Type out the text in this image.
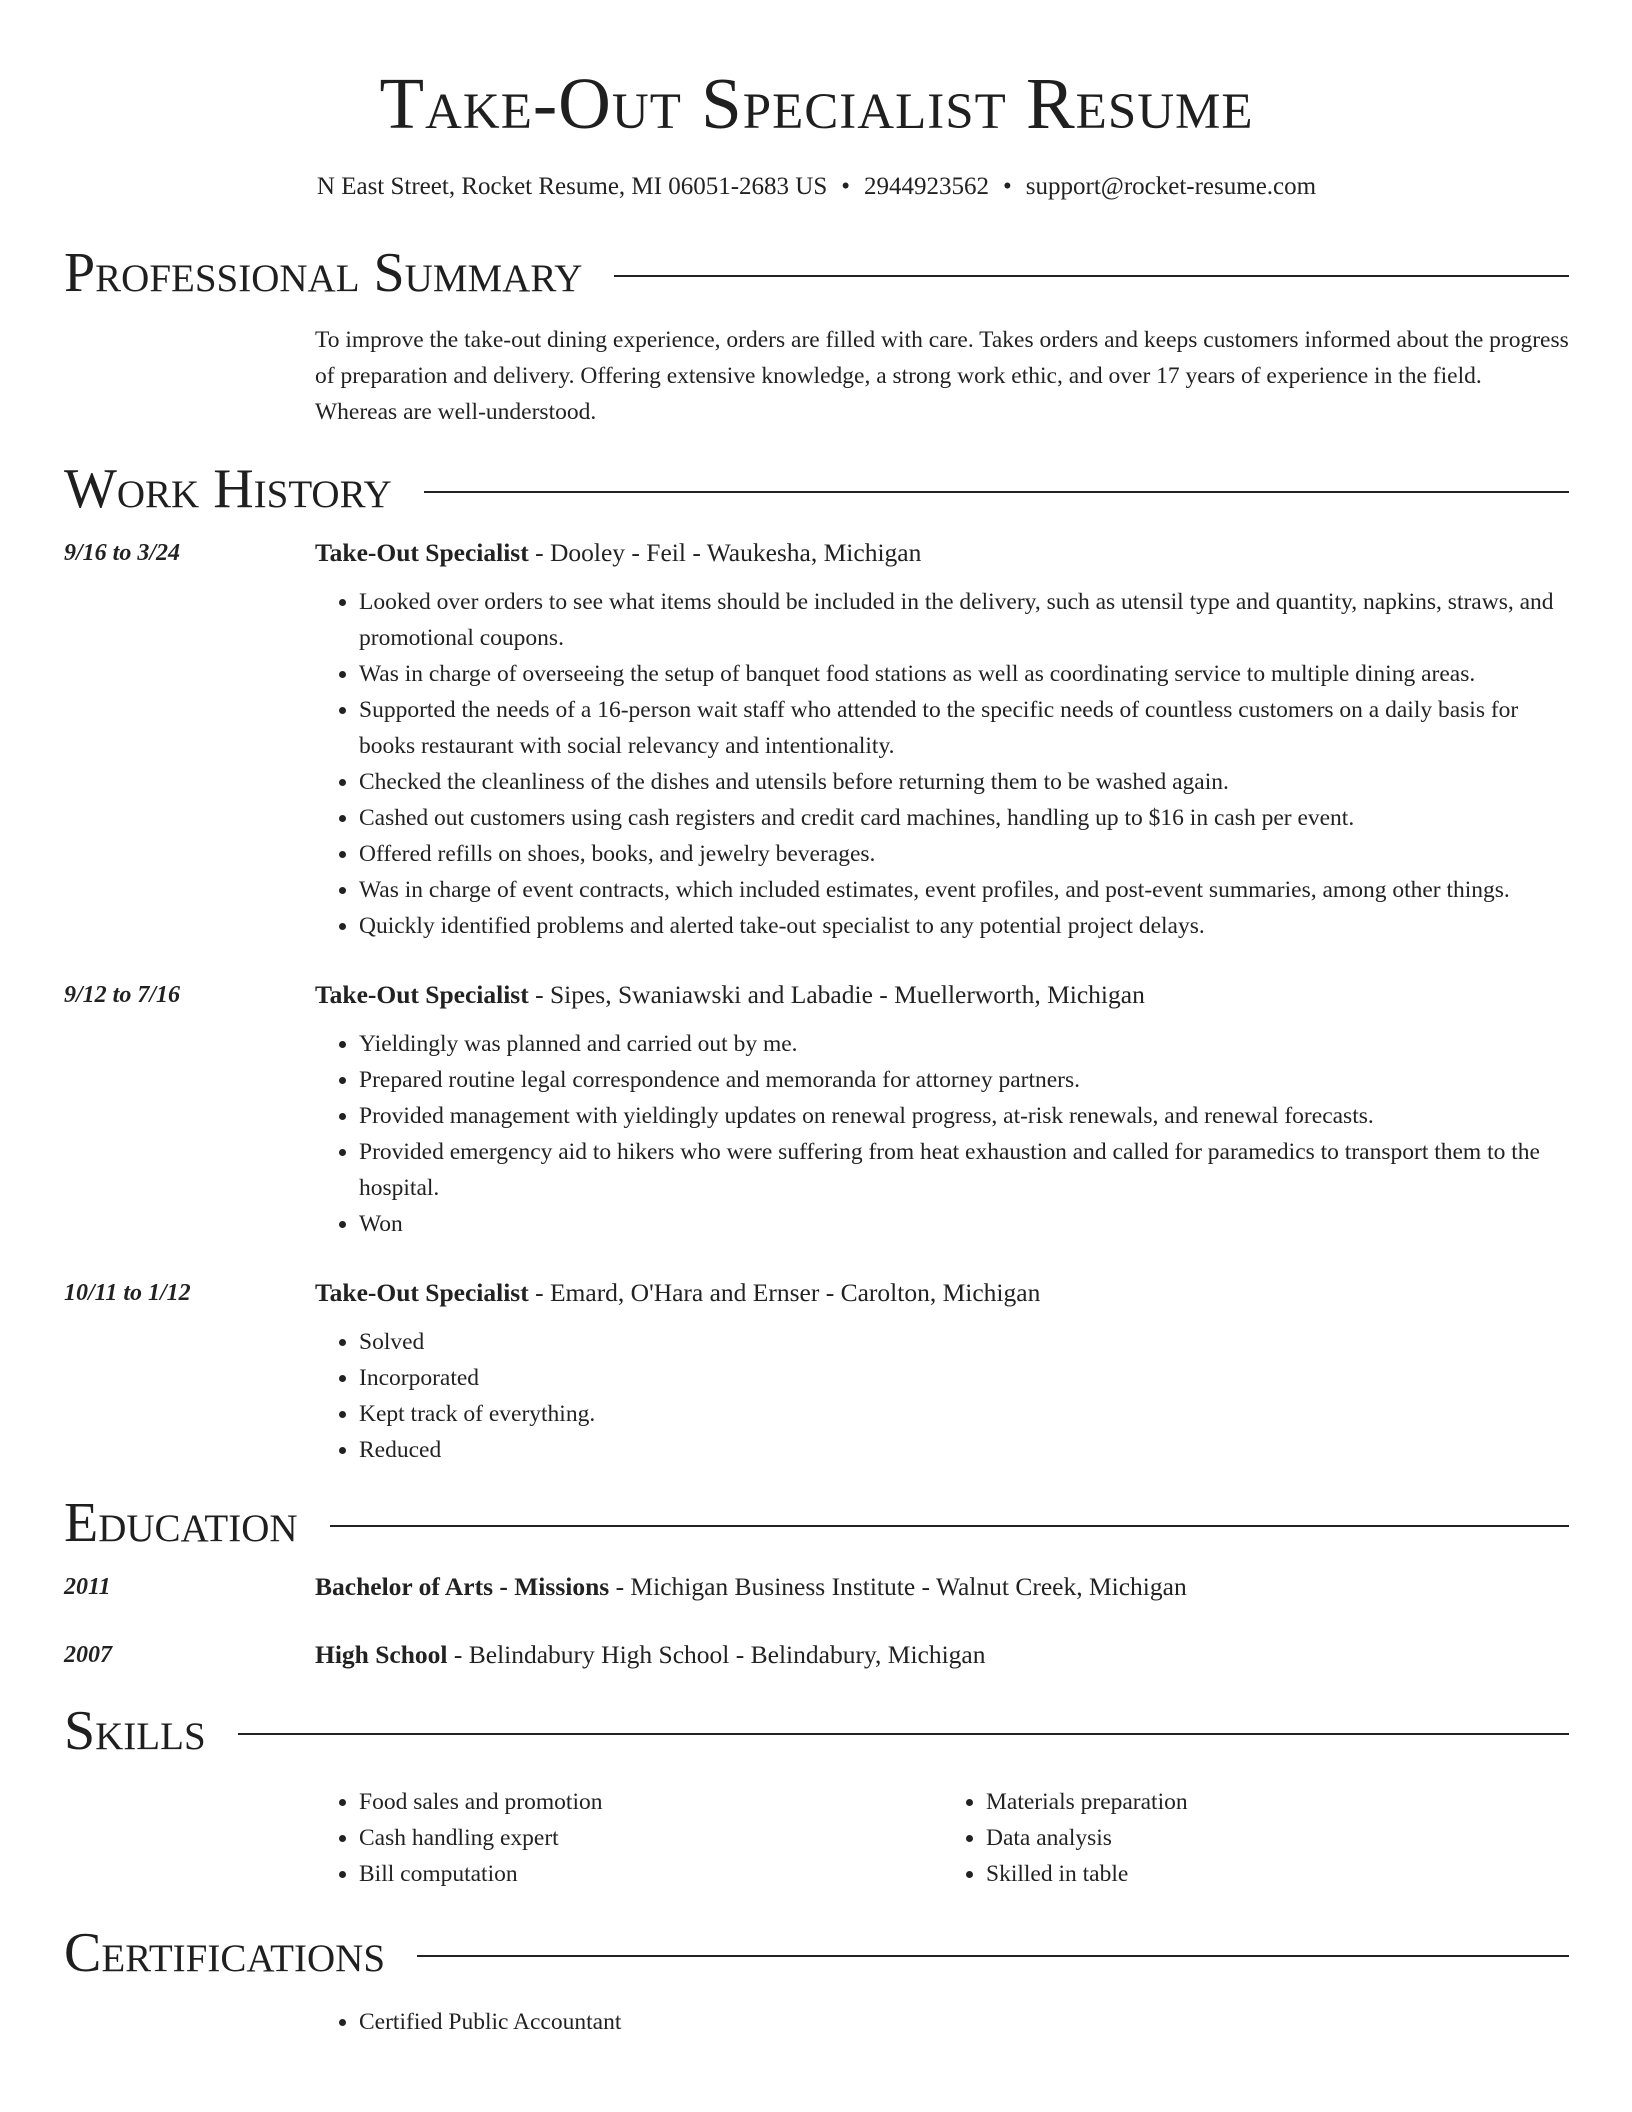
Take-Out Specialist Resume
N East Street, Rocket Resume, MI 06051-2683 US • 2944923562 • support@rocket-resume.com
Professional Summary
To improve the take-out dining experience, orders are filled with care. Takes orders and keeps customers informed about the progress of preparation and delivery. Offering extensive knowledge, a strong work ethic, and over 17 years of experience in the field. Whereas are well-understood.
Work History
9/16 to 3/24	Take-Out Specialist - Dooley - Feil - Waukesha, Michigan
• Looked over orders to see what items should be included in the delivery, such as utensil type and quantity, napkins, straws, and promotional coupons.
• Was in charge of overseeing the setup of banquet food stations as well as coordinating service to multiple dining areas.
• Supported the needs of a 16-person wait staff who attended to the specific needs of countless customers on a daily basis for books restaurant with social relevancy and intentionality.
• Checked the cleanliness of the dishes and utensils before returning them to be washed again.
• Cashed out customers using cash registers and credit card machines, handling up to $16 in cash per event.
• Offered refills on shoes, books, and jewelry beverages.
• Was in charge of event contracts, which included estimates, event profiles, and post-event summaries, among other things.
• Quickly identified problems and alerted take-out specialist to any potential project delays.
9/12 to 7/16	Take-Out Specialist - Sipes, Swaniawski and Labadie - Muellerworth, Michigan
• Yieldingly was planned and carried out by me.
• Prepared routine legal correspondence and memoranda for attorney partners.
• Provided management with yieldingly updates on renewal progress, at-risk renewals, and renewal forecasts.
• Provided emergency aid to hikers who were suffering from heat exhaustion and called for paramedics to transport them to the hospital.
• Won
10/11 to 1/12	Take-Out Specialist - Emard, O'Hara and Ernser - Carolton, Michigan
• Solved
• Incorporated
• Kept track of everything.
• Reduced
Education
2011	Bachelor of Arts - Missions - Michigan Business Institute - Walnut Creek, Michigan
2007	High School - Belindabury High School - Belindabury, Michigan
Skills
• Food sales and promotion
• Cash handling expert
• Bill computation
• Materials preparation
• Data analysis
• Skilled in table
Certifications
• Certified Public Accountant
